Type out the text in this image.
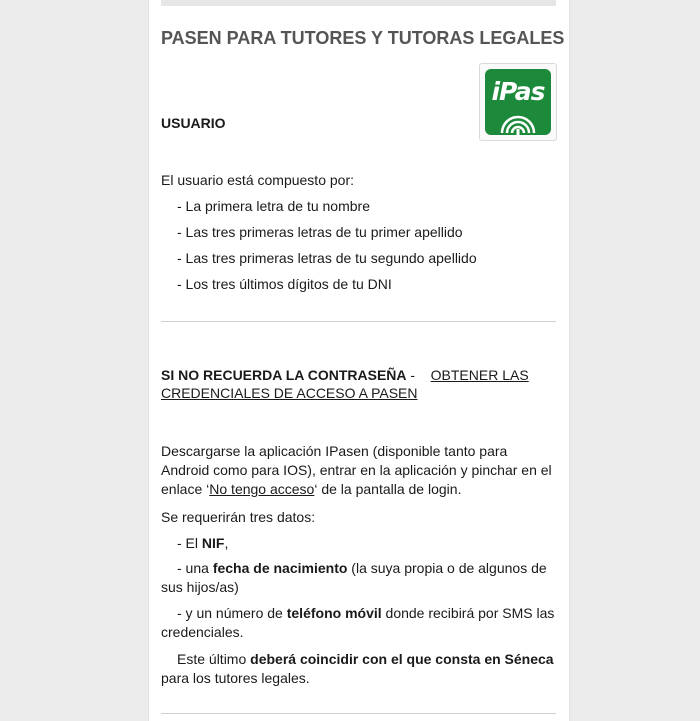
PASEN PARA TUTORES Y TUTORAS LEGALES
iPas
USUARIO

El usuario está compuesto por:

- La primera letra de tu nombre
- Las tres primeras letras de tu primer apellido
- Las tres primeras letras de tu segundo apellido
- Los tres últimos dígitos de tu DNI

SI NO RECUERDA LA CONTRASEÑA -    OBTENER LAS CREDENCIALES DE ACCESO A PASEN

Descargarse la aplicación IPasen (disponible tanto para Android como para IOS), entrar en la aplicación y pinchar en el enlace ‘No tengo acceso‘ de la pantalla de login.

Se requerirán tres datos:

- El NIF,

- una fecha de nacimiento (la suya propia o de algunos de sus hijos/as)

- y un número de teléfono móvil donde recibirá por SMS las credenciales.

Este último deberá coincidir con el que consta en Séneca para los tutores legales.
